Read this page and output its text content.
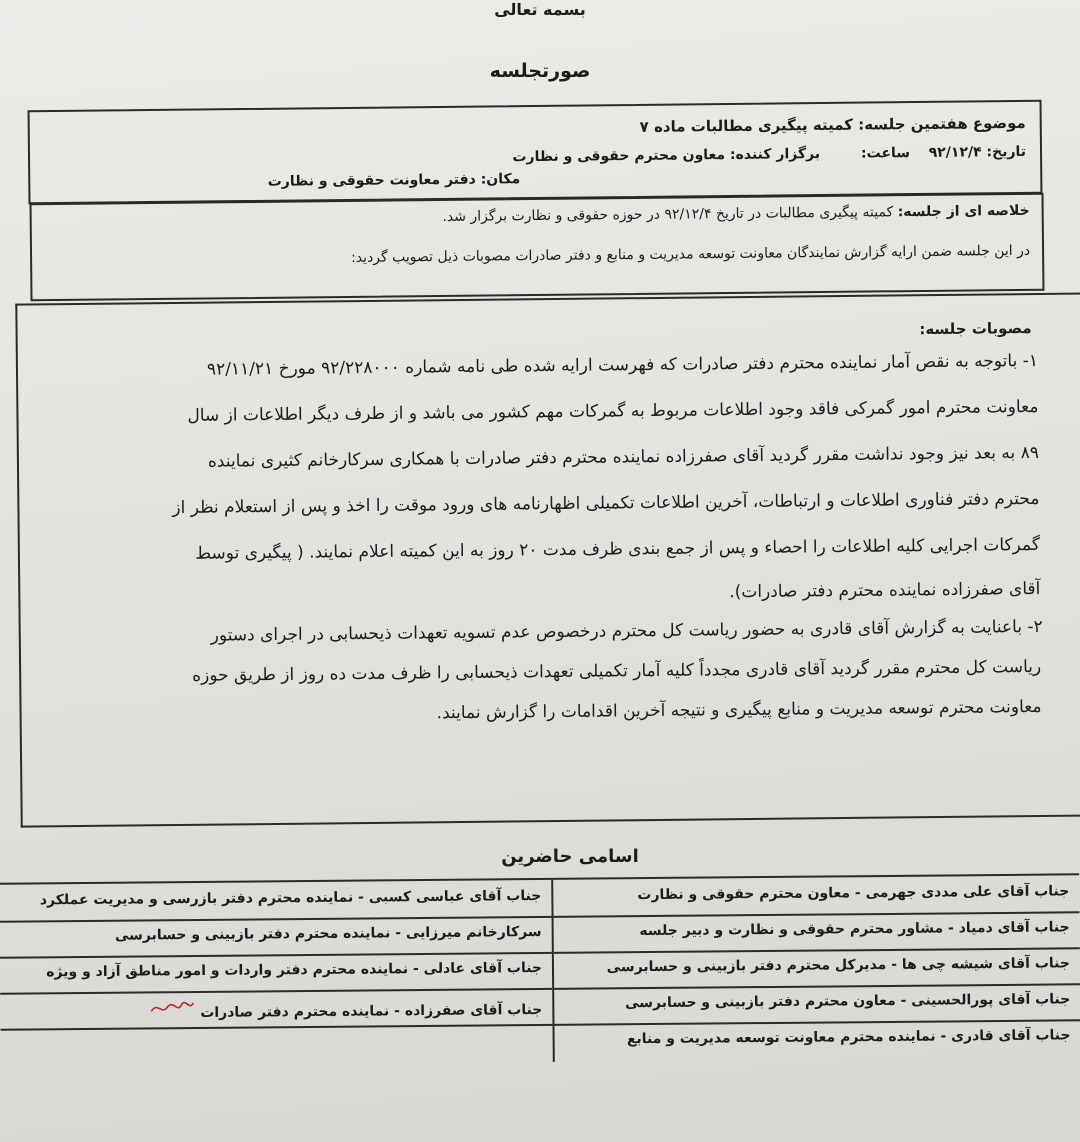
بسمه تعالی
صورتجلسه
موضوع هفتمین جلسه: کمیته پیگیری مطالبات ماده ۷
تاریخ: ۹۲/۱۲/۴
ساعت:
برگزار کننده: معاون محترم حقوقی و نظارت
مکان: دفتر معاونت حقوقی و نظارت
خلاصه ای از جلسه: کمیته پیگیری مطالبات در تاریخ ۹۲/۱۲/۴ در حوزه حقوقی و نظارت برگزار شد.
در این جلسه ضمن ارایه گزارش نمایندگان معاونت توسعه مدیریت و منابع و دفتر صادرات مصوبات ذیل تصویب گردید:
مصوبات جلسه:
۱- باتوجه به نقص آمار نماینده محترم دفتر صادرات که فهرست ارایه شده طی نامه شماره ۹۲/۲۲۸۰۰۰ مورخ ۹۲/۱۱/۲۱
معاونت محترم امور گمرکی فاقد وجود اطلاعات مربوط به گمرکات مهم کشور می باشد و از طرف دیگر اطلاعات از سال
۸۹ به بعد نیز وجود نداشت مقرر گردید آقای صفرزاده نماینده محترم دفتر صادرات با همکاری سرکارخانم کثیری نماینده
محترم دفتر فناوری اطلاعات و ارتباطات، آخرین اطلاعات تکمیلی اظهارنامه های ورود موقت را اخذ و پس از استعلام نظر از
گمرکات اجرایی کلیه اطلاعات را احصاء و پس از جمع بندی ظرف مدت ۲۰ روز به این کمیته اعلام نمایند. ( پیگیری توسط
آقای صفرزاده نماینده محترم دفتر صادرات).
۲- باعنایت به گزارش آقای قادری به حضور ریاست کل محترم درخصوص عدم تسویه تعهدات ذیحسابی در اجرای دستور
ریاست کل محترم مقرر گردید آقای قادری مجدداً کلیه آمار تکمیلی تعهدات ذیحسابی را ظرف مدت ده روز از طریق حوزه
معاونت محترم توسعه مدیریت و منابع پیگیری و نتیجه آخرین اقدامات را گزارش نمایند.
اسامی حاضرین
جناب آقای علی مددی جهرمی - معاون محترم حقوقی و نظارت
جناب آقای دمیاد - مشاور محترم حقوقی و نظارت و دبیر جلسه
جناب آقای شیشه چی ها - مدیرکل محترم دفتر بازبینی و حسابرسی
جناب آقای پورالحسینی - معاون محترم دفتر بازبینی و حسابرسی
جناب آقای قادری - نماینده محترم معاونت توسعه مدیریت و منابع
جناب آقای عباسی کسبی - نماینده محترم دفتر بازرسی و مدیریت عملکرد
سرکارخانم میرزایی - نماینده محترم دفتر بازبینی و حسابرسی
جناب آقای عادلی - نماینده محترم دفتر واردات و امور مناطق آزاد و ویژه
جناب آقای صفرزاده - نماینده محترم دفتر صادرات
